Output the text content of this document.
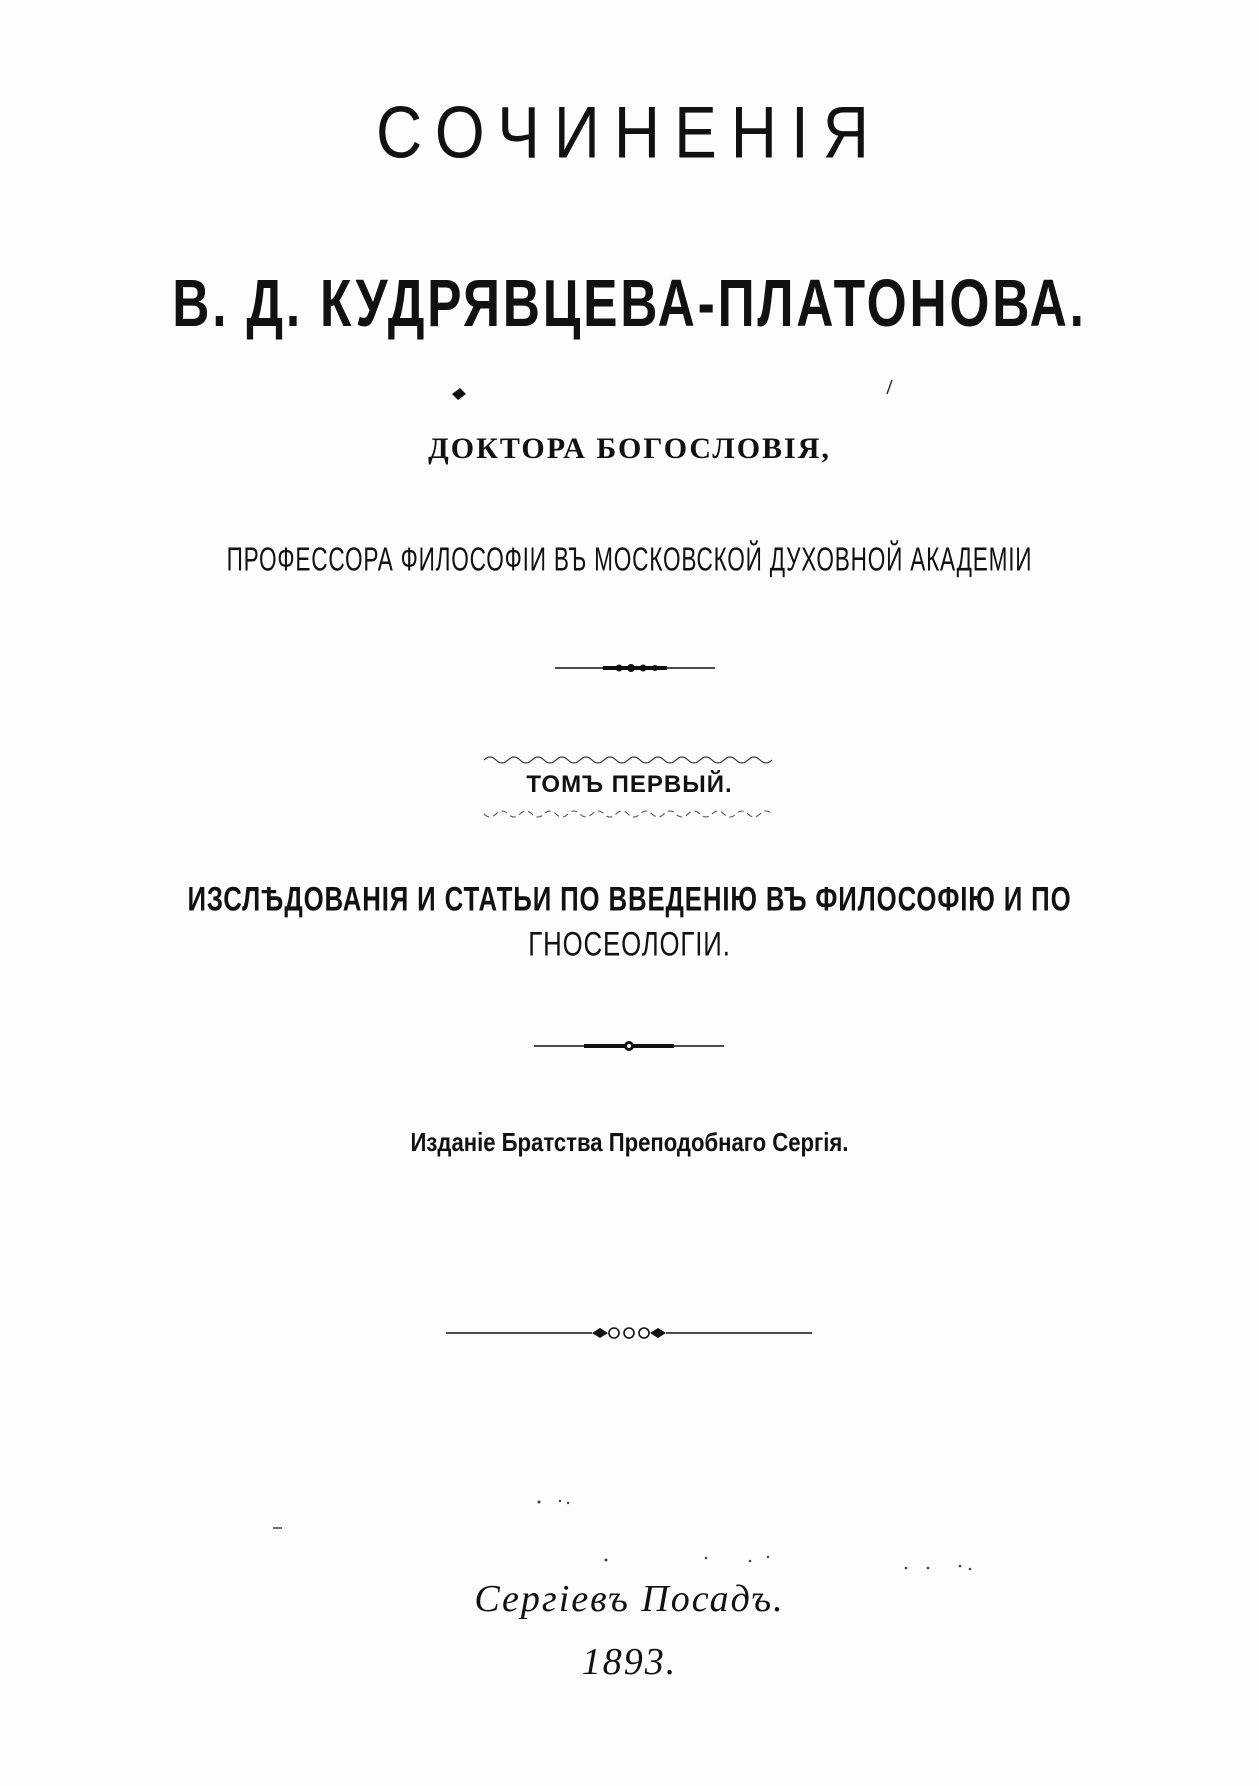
СОЧИНЕНІЯ
В. Д. КУДРЯВЦЕВА-ПЛАТОНОВА.
ДОКТОРА БОГОСЛОВІЯ,
ПРОФЕССОРА ФИЛОСОФІИ ВЪ МОСКОВСКОЙ ДУХОВНОЙ АКАДЕМІИ
ТОМЪ ПЕРВЫЙ.
ИЗСЛѢДОВАНІЯ И СТАТЬИ ПО ВВЕДЕНІЮ ВЪ ФИЛОСОФІЮ И ПО
ГНОСЕОЛОГІИ.
Изданіе Братства Преподобнаго Сергія.
Сергіевъ Посадъ.
1893.
